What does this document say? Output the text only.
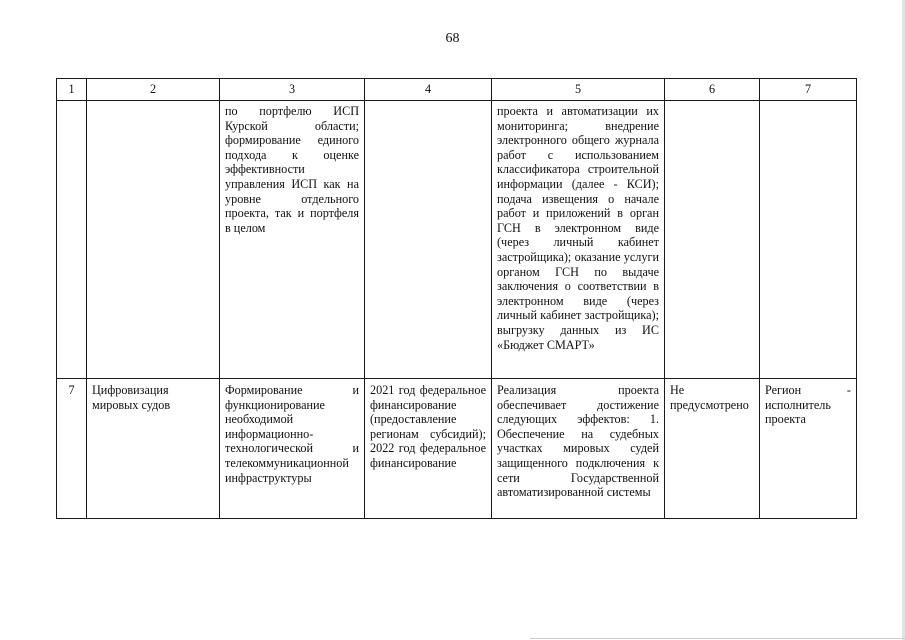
68
1	2	3	4	5	6	7
		по портфелю ИСП Курской области; формирование единого подхода к оценке эффективности управления ИСП как на уровне отдельного проекта, так и портфеля в целом		проекта и автоматизации их мониторинга; внедрение электронного общего журнала работ с использованием классификатора строительной информации (далее - КСИ); подача извещения о начале работ и приложений в орган ГСН в электронном виде (через личный кабинет застройщика); оказание услуги органом ГСН по выдаче заключения о соответствии в электронном виде (через личный кабинет застройщика); выгрузку данных из ИС «Бюджет СМАРТ»		
7	Цифровизация мировых судов	Формирование и функционирование необходимой информационно-технологической и телекоммуникационной инфраструктуры	2021 год федеральное финансирование (предоставление регионам субсидий); 2022 год федеральное финансирование	Реализация проекта обеспечивает достижение следующих эффектов: 1. Обеспечение на судебных участках мировых судей защищенного подключения к сети Государственной автоматизированной системы	Не предусмотрено	Регион - исполнитель проекта
